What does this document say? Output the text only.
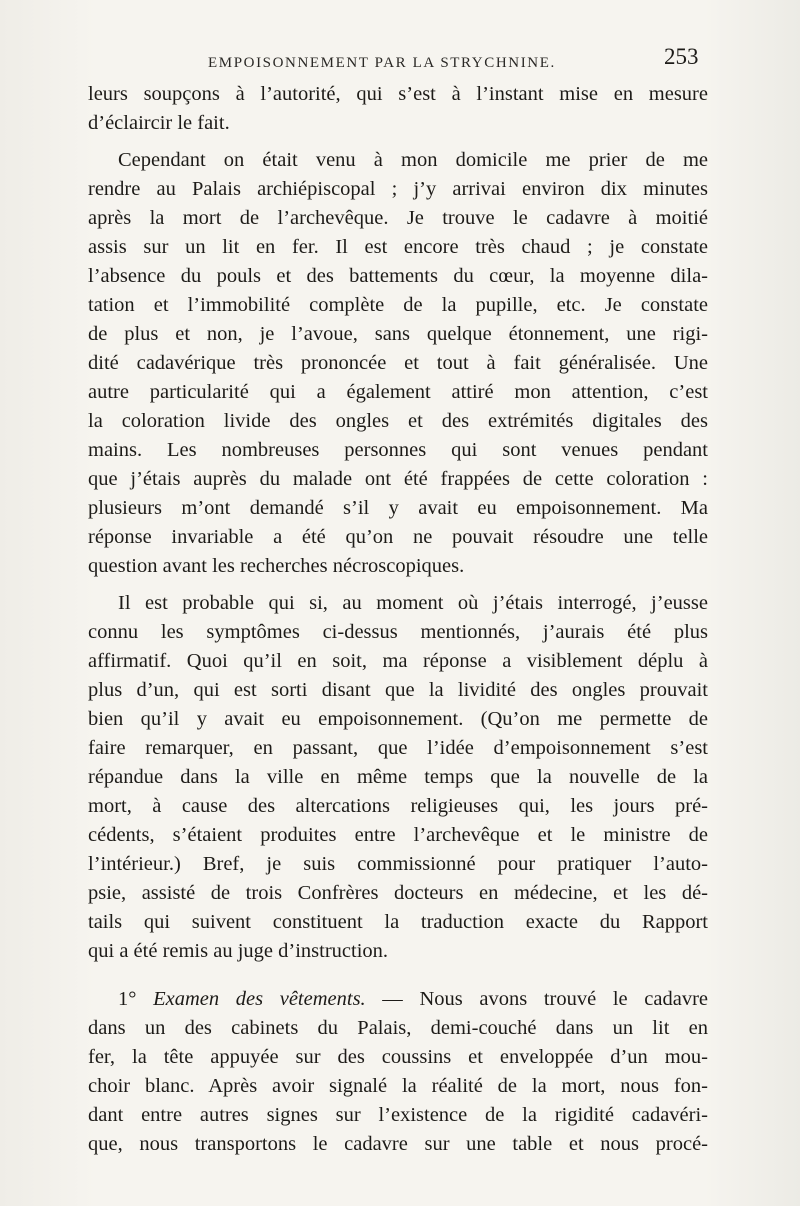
EMPOISONNEMENT PAR LA STRYCHNINE.	253
leurs soupçons à l’autorité, qui s’est à l’instant mise en mesure
d’éclaircir le fait.
Cependant on était venu à mon domicile me prier de me
rendre au Palais archiépiscopal ; j’y arrivai environ dix minutes
après la mort de l’archevêque. Je trouve le cadavre à moitié
assis sur un lit en fer. Il est encore très chaud ; je constate
l’absence du pouls et des battements du cœur, la moyenne dila-
tation et l’immobilité complète de la pupille, etc. Je constate
de plus et non, je l’avoue, sans quelque étonnement, une rigi-
dité cadavérique très prononcée et tout à fait généralisée. Une
autre particularité qui a également attiré mon attention, c’est
la coloration livide des ongles et des extrémités digitales des
mains. Les nombreuses personnes qui sont venues pendant
que j’étais auprès du malade ont été frappées de cette coloration :
plusieurs m’ont demandé s’il y avait eu empoisonnement. Ma
réponse invariable a été qu’on ne pouvait résoudre une telle
question avant les recherches nécroscopiques.
Il est probable qui si, au moment où j’étais interrogé, j’eusse
connu les symptômes ci-dessus mentionnés, j’aurais été plus
affirmatif. Quoi qu’il en soit, ma réponse a visiblement déplu à
plus d’un, qui est sorti disant que la lividité des ongles prouvait
bien qu’il y avait eu empoisonnement. (Qu’on me permette de
faire remarquer, en passant, que l’idée d’empoisonnement s’est
répandue dans la ville en même temps que la nouvelle de la
mort, à cause des altercations religieuses qui, les jours pré-
cédents, s’étaient produites entre l’archevêque et le ministre de
l’intérieur.) Bref, je suis commissionné pour pratiquer l’auto-
psie, assisté de trois Confrères docteurs en médecine, et les dé-
tails qui suivent constituent la traduction exacte du Rapport
qui a été remis au juge d’instruction.
1° Examen des vêtements. — Nous avons trouvé le cadavre
dans un des cabinets du Palais, demi-couché dans un lit en
fer, la tête appuyée sur des coussins et enveloppée d’un mou-
choir blanc. Après avoir signalé la réalité de la mort, nous fon-
dant entre autres signes sur l’existence de la rigidité cadavéri-
que, nous transportons le cadavre sur une table et nous procé-
